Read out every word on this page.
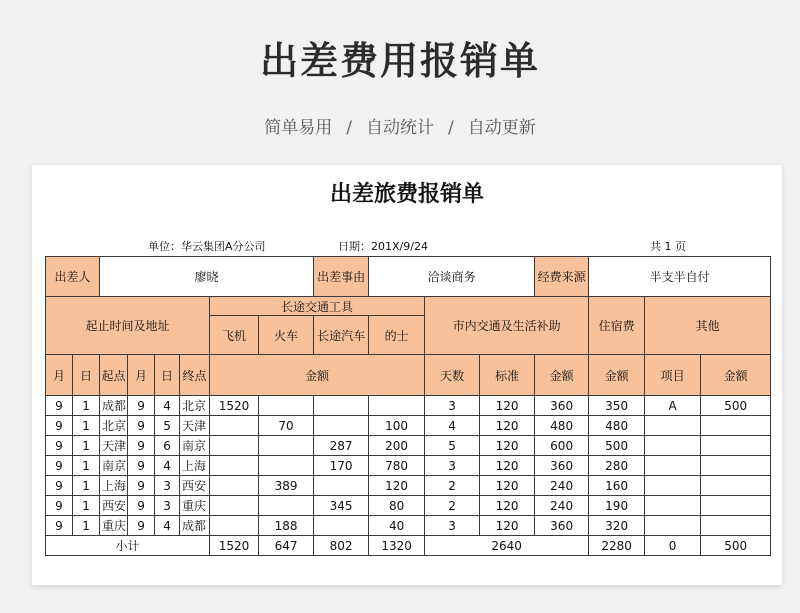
出差费用报销单
简单易用 / 自动统计 / 自动更新
出差旅费报销单
单位：华云集团A分公司	日期：201X/9/24	共 1 页
出差人		廖晓						出差事由	洽谈商务			经费来源	半支半自付		
起止时间及地址						长途交通工具				市内交通及生活补助			住宿费	其他	
						飞机	火车	长途汽车	的士						
月	日	起点	月	日	终点	金额				天数	标准	金额	金额	项目	金额
9	1	成都	9	4	北京	1520				3	120	360	350	A	500
9	1	北京	9	5	天津		70		100	4	120	480	480		
9	1	天津	9	6	南京			287	200	5	120	600	500		
9	1	南京	9	4	上海			170	780	3	120	360	280		
9	1	上海	9	3	西安		389		120	2	120	240	160		
9	1	西安	9	3	重庆			345	80	2	120	240	190		
9	1	重庆	9	4	成都		188		40	3	120	360	320		
小计						1520	647	802	1320	2640			2280	0	500
